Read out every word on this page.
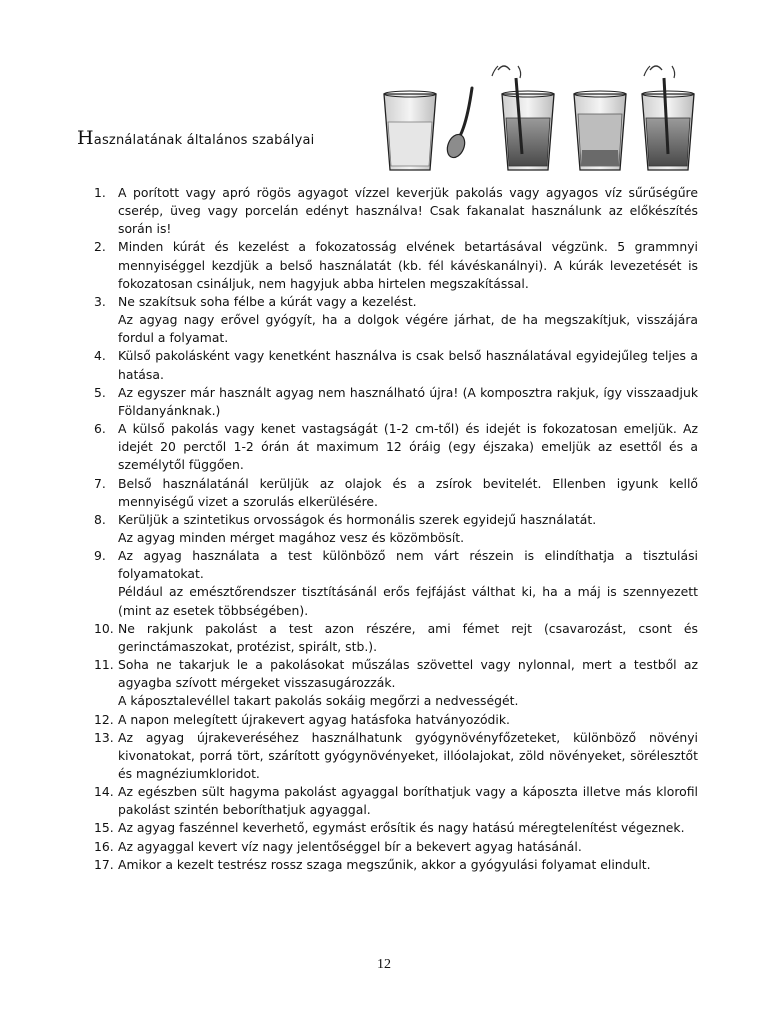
Használatának általános szabályai
1. A porított vagy apró rögös agyagot vízzel keverjük pakolás vagy agyagos víz sűrűségűre cserép, üveg vagy porcelán edényt használva! Csak fakanalat használunk az előkészítés során is!

2. Minden kúrát és kezelést a fokozatosság elvének betartásával végzünk. 5 grammnyi mennyiséggel kezdjük a belső használatát (kb. fél kávéskanálnyi). A kúrák levezetését is fokozatosan csináljuk, nem hagyjuk abba hirtelen megszakítással.

3. Ne szakítsuk soha félbe a kúrát vagy a kezelést.

Az agyag nagy erővel gyógyít, ha a dolgok végére járhat, de ha megszakítjuk, visszájára fordul a folyamat.

4. Külső pakolásként vagy kenetként használva is csak belső használatával egyidejűleg teljes a hatása.

5. Az egyszer már használt agyag nem használható újra! (A komposztra rakjuk, így visszaadjuk Földanyánknak.)

6. A külső pakolás vagy kenet vastagságát (1-2 cm-től) és idejét is fokozatosan emeljük. Az idejét 20 perctől 1-2 órán át maximum 12 óráig (egy éjszaka) emeljük az esettől és a személytől függően.

7. Belső használatánál kerüljük az olajok és a zsírok bevitelét. Ellenben igyunk kellő mennyiségű vizet a szorulás elkerülésére.

8. Kerüljük a szintetikus orvosságok és hormonális szerek egyidejű használatát.

Az agyag minden mérget magához vesz és közömbösít.

9. Az agyag használata a test különböző nem várt részein is elindíthatja a tisztulási folyamatokat.

Például az emésztőrendszer tisztításánál erős fejfájást válthat ki, ha a máj is szennyezett (mint az esetek többségében).

10. Ne rakjunk pakolást a test azon részére, ami fémet rejt (csavarozást, csont és gerinctámaszokat, protézist, spirált, stb.).

11. Soha ne takarjuk le a pakolásokat műszálas szövettel vagy nylonnal, mert a testből az agyagba szívott mérgeket visszasugározzák.

A káposztalevéllel takart pakolás sokáig megőrzi a nedvességét.

12. A napon melegített újrakevert agyag hatásfoka hatványozódik.

13. Az agyag újrakeveréséhez használhatunk gyógynövényfőzeteket, különböző növényi kivonatokat, porrá tört, szárított gyógynövényeket, illóolajokat, zöld növényeket, sörélesztőt és magnéziumkloridot.

14. Az egészben sült hagyma pakolást agyaggal boríthatjuk vagy a káposzta illetve más klorofil pakolást szintén beboríthatjuk agyaggal.

15. Az agyag faszénnel keverhető, egymást erősítik és nagy hatású méregtelenítést végeznek.

16. Az agyaggal kevert víz nagy jelentőséggel bír a bekevert agyag hatásánál.

17. Amikor a kezelt testrész rossz szaga megszűnik, akkor a gyógyulási folyamat elindult.

12
